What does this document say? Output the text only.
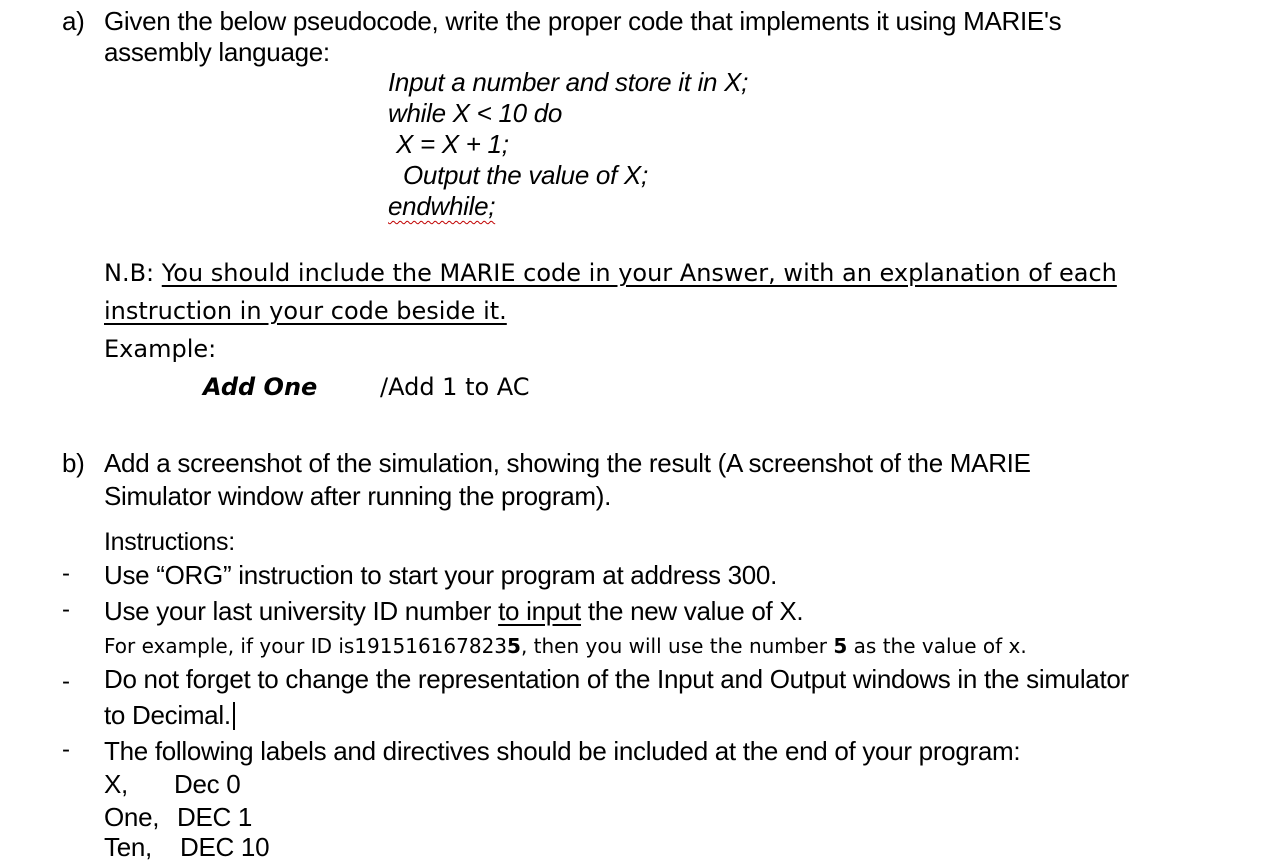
a) Given the below pseudocode, write the proper code that implements it using MARIE's
assembly language:
Input a number and store it in X;
while X < 10 do
X = X + 1;
Output the value of X;
endwhile;
N.B: You should include the MARIE code in your Answer, with an explanation of each
instruction in your code beside it.
Example:
Add One	/Add 1 to AC
b) Add a screenshot of the simulation, showing the result (A screenshot of the MARIE
Simulator window after running the program).
Instructions:
- Use “ORG” instruction to start your program at address 300.
- Use your last university ID number to input the new value of X.
For example, if your ID is1915161678235, then you will use the number 5 as the value of x.
- Do not forget to change the representation of the Input and Output windows in the simulator
to Decimal.
- The following labels and directives should be included at the end of your program:
X, Dec 0
One, DEC 1
Ten, DEC 10
